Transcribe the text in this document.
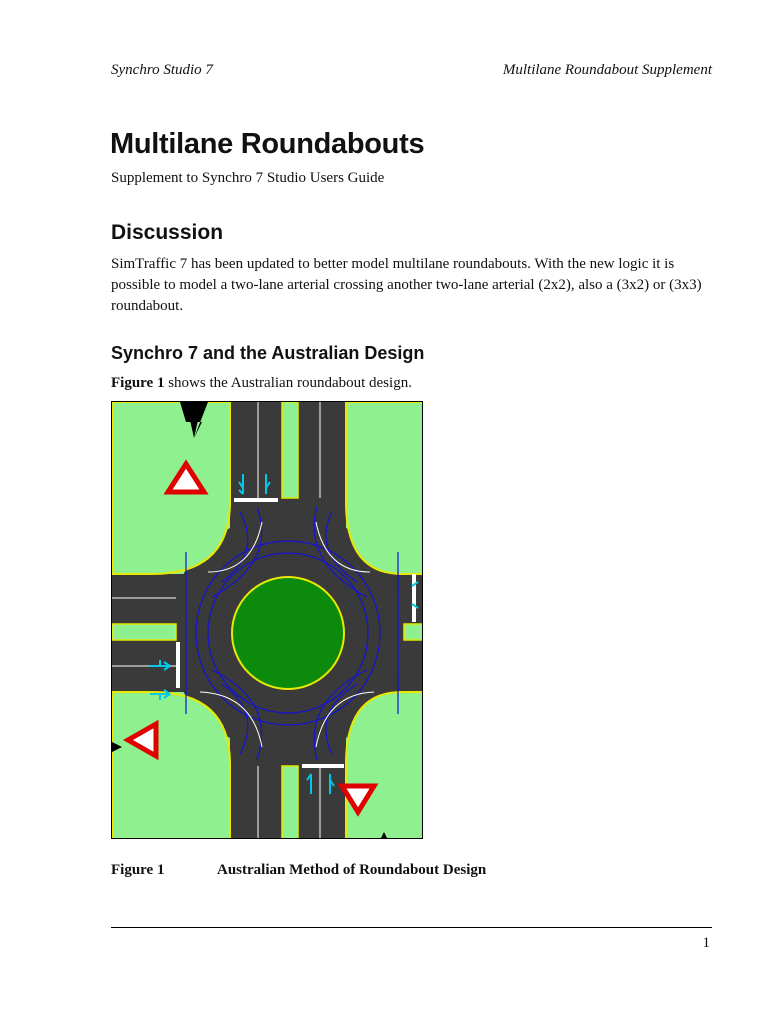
Synchro Studio 7	Multilane Roundabout Supplement
Multilane Roundabouts
Supplement to Synchro 7 Studio Users Guide
Discussion

SimTraffic 7 has been updated to better model multilane roundabouts. With the new logic it is possible to model a two-lane arterial crossing another two-lane arterial (2x2), also a (3x2) or (3x3) roundabout.

Synchro 7 and the Australian Design
Figure 1 shows the Australian roundabout design.
Figure 1	Australian Method of Roundabout Design
1
